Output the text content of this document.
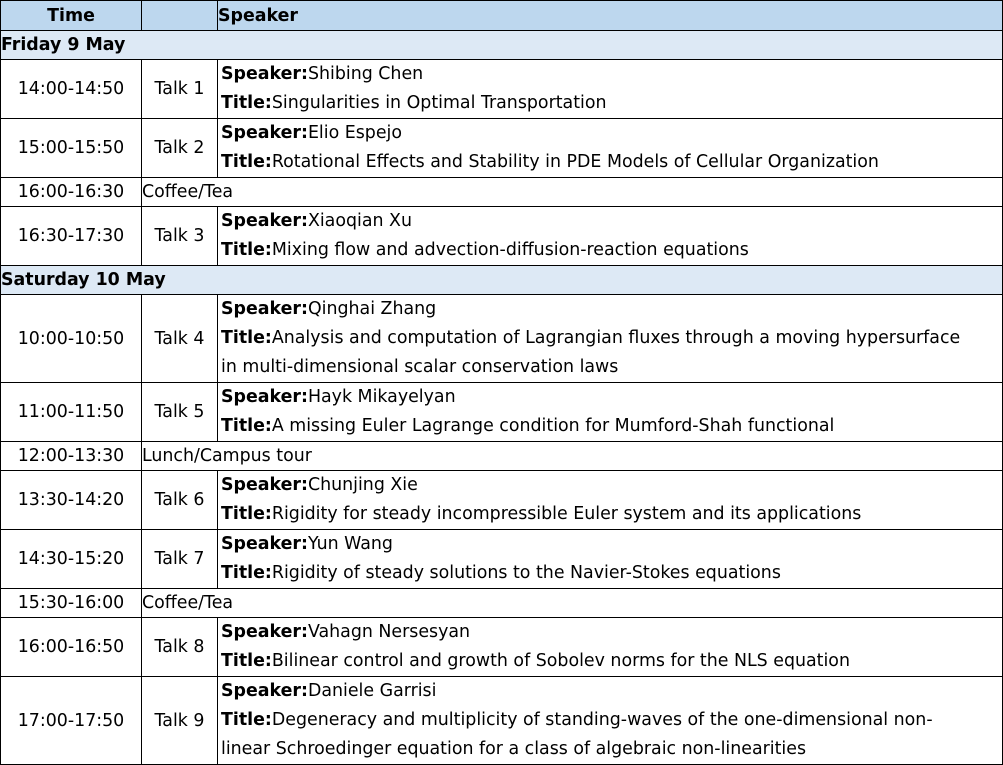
Time		Speaker
Friday 9 May		
14:00-14:50	Talk 1	Speaker:Shibing Chen
Title:Singularities in Optimal Transportation

15:00-15:50	Talk 2	Speaker:Elio Espejo
Title:Rotational Effects and Stability in PDE Models of Cellular Organization

16:00-16:30	Coffee/Tea	
16:30-17:30	Talk 3	Speaker:Xiaoqian Xu
Title:Mixing flow and advection-diffusion-reaction equations

Saturday 10 May		
10:00-10:50	Talk 4	Speaker:Qinghai Zhang
Title:Analysis and computation of Lagrangian fluxes through a moving hypersurface
in multi-dimensional scalar conservation laws

11:00-11:50	Talk 5	Speaker:Hayk Mikayelyan
Title:A missing Euler Lagrange condition for Mumford-Shah functional

12:00-13:30	Lunch/Campus tour	
13:30-14:20	Talk 6	Speaker:Chunjing Xie
Title:Rigidity for steady incompressible Euler system and its applications

14:30-15:20	Talk 7	Speaker:Yun Wang
Title:Rigidity of steady solutions to the Navier-Stokes equations

15:30-16:00	Coffee/Tea	
16:00-16:50	Talk 8	Speaker:Vahagn Nersesyan
Title:Bilinear control and growth of Sobolev norms for the NLS equation

17:00-17:50	Talk 9	Speaker:Daniele Garrisi
Title:Degeneracy and multiplicity of standing-waves of the one-dimensional non-
linear Schroedinger equation for a class of algebraic non-linearities
